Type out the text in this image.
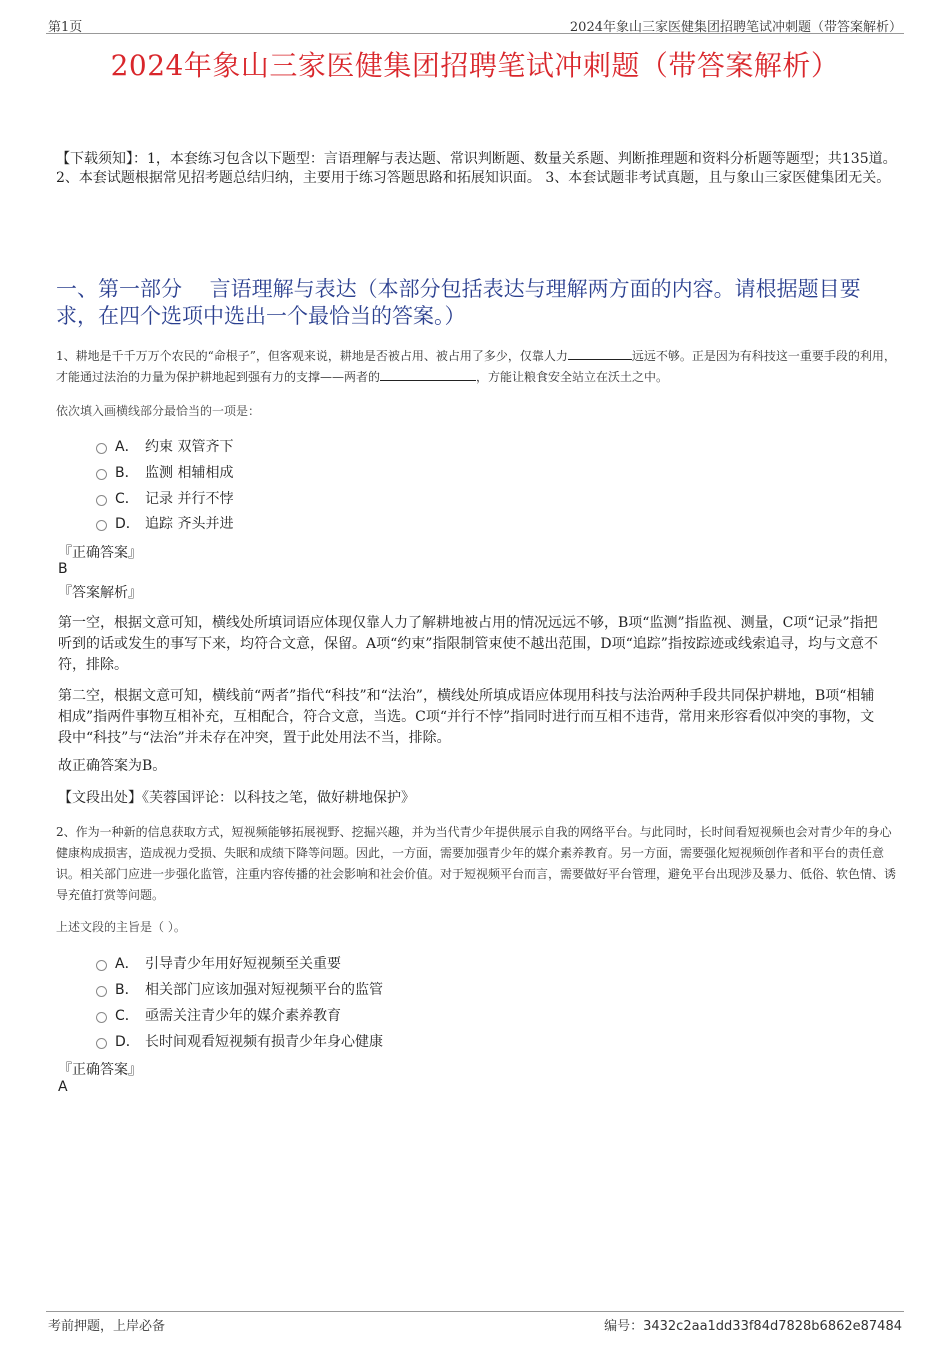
第1页	2024年象山三家医健集团招聘笔试冲刺题（带答案解析）
2024年象山三家医健集团招聘笔试冲刺题（带答案解析）
【下载须知】：1，本套练习包含以下题型：言语理解与表达题、常识判断题、数量关系题、判断推理题和资料分析题等题型；共135道。 2、本套试题根据常见招考题总结归纳，主要用于练习答题思路和拓展知识面。 3、本套试题非考试真题，且与象山三家医健集团无关。
一、第一部分　 言语理解与表达（本部分包括表达与理解两方面的内容。请根据题目要求，在四个选项中选出一个最恰当的答案。）
1、耕地是千千万万个农民的“命根子”，但客观来说，耕地是否被占用、被占用了多少，仅靠人力	远远不够。正是因为有科技这一重要手段的利用，才能通过法治的力量为保护耕地起到强有力的支撑——两者的	，方能让粮食安全站立在沃土之中。
依次填入画横线部分最恰当的一项是：
A． 约束 双管齐下
B． 监测 相辅相成
C． 记录 并行不悖
D． 追踪 齐头并进
『正确答案』
B
『答案解析』
第一空，根据文意可知，横线处所填词语应体现仅靠人力了解耕地被占用的情况远远不够，B项“监测”指监视、测量，C项“记录”指把听到的话或发生的事写下来，均符合文意，保留。A项“约束”指限制管束使不越出范围，D项“追踪”指按踪迹或线索追寻，均与文意不符，排除。
第二空，根据文意可知，横线前“两者”指代“科技”和“法治”，横线处所填成语应体现用科技与法治两种手段共同保护耕地，B项“相辅相成”指两件事物互相补充，互相配合，符合文意，当选。C项“并行不悖”指同时进行而互相不违背，常用来形容看似冲突的事物，文段中“科技”与“法治”并未存在冲突，置于此处用法不当，排除。
故正确答案为B。
【文段出处】《芙蓉国评论：以科技之笔，做好耕地保护》
2、作为一种新的信息获取方式，短视频能够拓展视野、挖掘兴趣，并为当代青少年提供展示自我的网络平台。与此同时，长时间看短视频也会对青少年的身心健康构成损害，造成视力受损、失眠和成绩下降等问题。因此，一方面，需要加强青少年的媒介素养教育。另一方面，需要强化短视频创作者和平台的责任意识。相关部门应进一步强化监管，注重内容传播的社会影响和社会价值。对于短视频平台而言，需要做好平台管理，避免平台出现涉及暴力、低俗、软色情、诱导充值打赏等问题。
上述文段的主旨是（ ）。
A． 引导青少年用好短视频至关重要
B． 相关部门应该加强对短视频平台的监管
C． 亟需关注青少年的媒介素养教育
D． 长时间观看短视频有损青少年身心健康
『正确答案』
A
考前押题，上岸必备	编号：3432c2aa1dd33f84d7828b6862e87484
